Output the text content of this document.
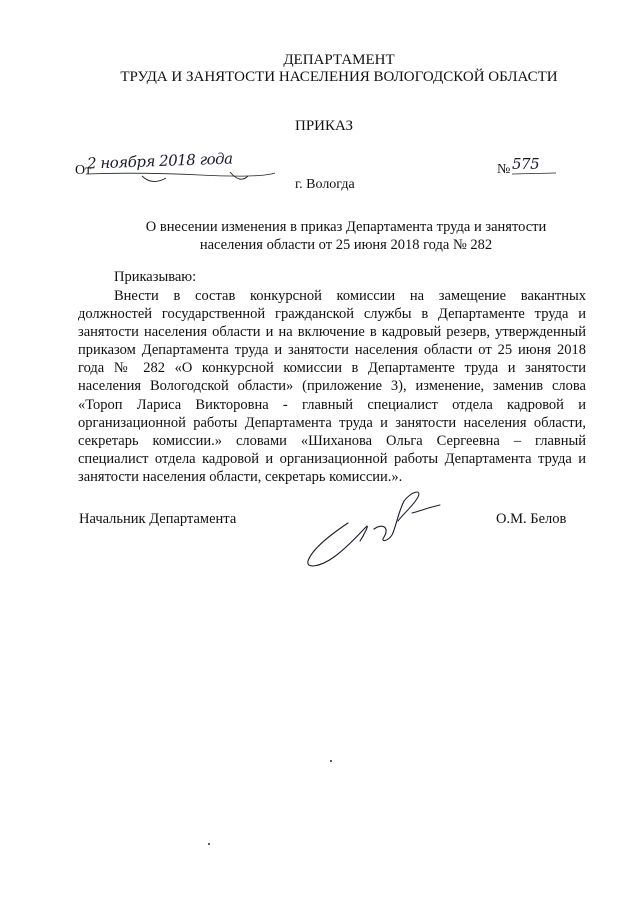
ДЕПАРТАМЕНТ
ТРУДА И ЗАНЯТОСТИ НАСЕЛЕНИЯ ВОЛОГОДСКОЙ ОБЛАСТИ
ПРИКАЗ
От
2 ноября 2018 года	№ 575
г. Вологда
О внесении изменения в приказ Департамента труда и занятости
населения области от 25 июня 2018 года № 282
Приказываю:
Внести в состав конкурсной комиссии на замещение вакантных должностей государственной гражданской службы в Департаменте труда и занятости населения области и на включение в кадровый резерв, утвержденный приказом Департамента труда и занятости населения области от 25 июня 2018 года № 282 «О конкурсной комиссии в Департаменте труда и занятости населения Вологодской области» (приложение 3), изменение, заменив слова «Тороп Лариса Викторовна - главный специалист отдела кадровой и организационной работы Департамента труда и занятости населения области, секретарь комиссии.» словами «Шиханова Ольга Сергеевна – главный специалист отдела кадровой и организационной работы Департамента труда и занятости населения области, секретарь комиссии.».
Начальник Департамента	О.М. Белов
